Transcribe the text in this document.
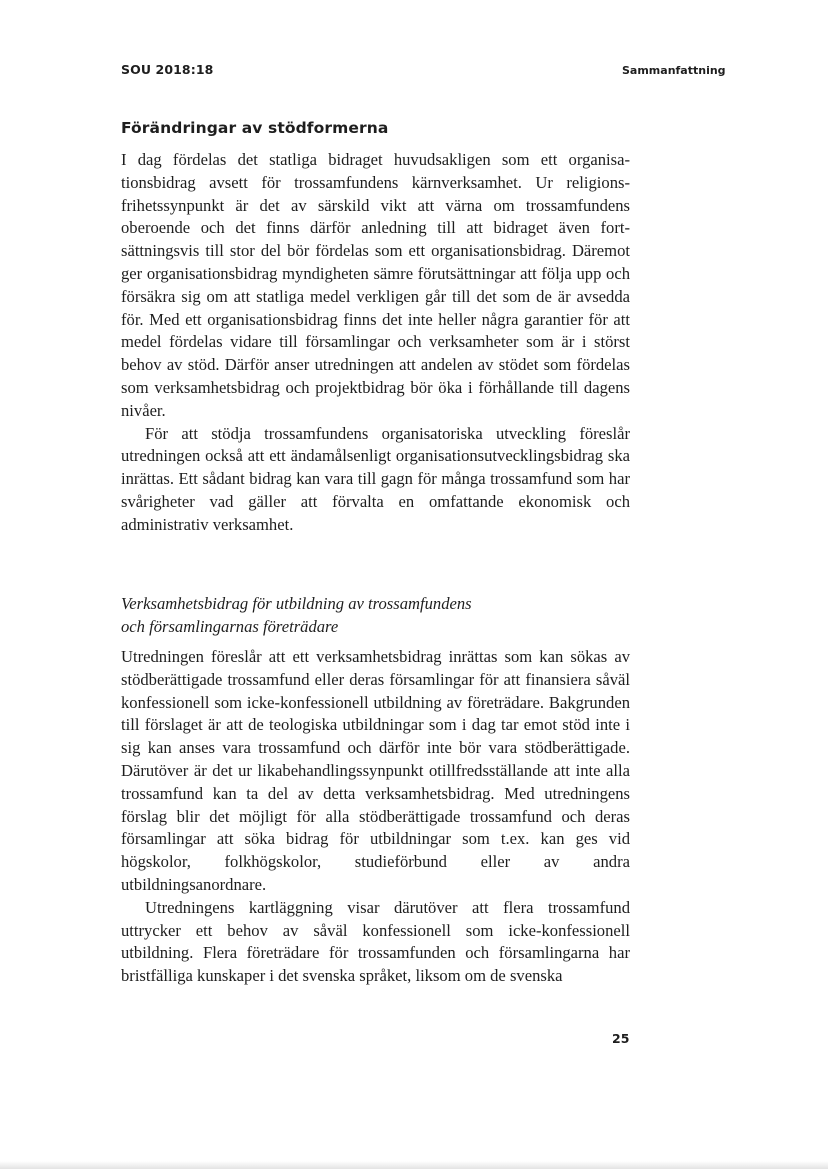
SOU 2018:18	Sammanfattning
Förändringar av stödformerna

I dag fördelas det statliga bidraget huvudsakligen som ett organisationsbidrag avsett för trossamfundens kärnverksamhet. Ur religionsfrihetssynpunkt är det av särskild vikt att värna om trossamfundens oberoende och det finns därför anledning till att bidraget även fortsättningsvis till stor del bör fördelas som ett organisationsbidrag. Däremot ger organisationsbidrag myndigheten sämre förutsättningar att följa upp och försäkra sig om att statliga medel verkligen går till det som de är avsedda för. Med ett organisationsbidrag finns det inte heller några garantier för att medel fördelas vidare till församlingar och verksamheter som är i störst behov av stöd. Därför anser utredningen att andelen av stödet som fördelas som verksamhetsbidrag och projektbidrag bör öka i förhållande till dagens nivåer.

För att stödja trossamfundens organisatoriska utveckling föreslår utredningen också att ett ändamålsenligt organisationsutvecklingsbidrag ska inrättas. Ett sådant bidrag kan vara till gagn för många trossamfund som har svårigheter vad gäller att förvalta en omfattande ekonomisk och administrativ verksamhet.

Verksamhetsbidrag för utbildning av trossamfundens
och församlingarnas företrädare

Utredningen föreslår att ett verksamhetsbidrag inrättas som kan sökas av stödberättigade trossamfund eller deras församlingar för att finansiera såväl konfessionell som icke-konfessionell utbildning av företrädare. Bakgrunden till förslaget är att de teologiska utbildningar som i dag tar emot stöd inte i sig kan anses vara trossamfund och därför inte bör vara stödberättigade. Därutöver är det ur likabehandlingssynpunkt otillfredsställande att inte alla trossamfund kan ta del av detta verksamhetsbidrag. Med utredningens förslag blir det möjligt för alla stödberättigade trossamfund och deras församlingar att söka bidrag för utbildningar som t.ex. kan ges vid högskolor, folkhögskolor, studieförbund eller av andra utbildningsanordnare.

Utredningens kartläggning visar därutöver att flera trossamfund uttrycker ett behov av såväl konfessionell som icke-konfessionell utbildning. Flera företrädare för trossamfunden och församlingarna har bristfälliga kunskaper i det svenska språket, liksom om de svenska

25
